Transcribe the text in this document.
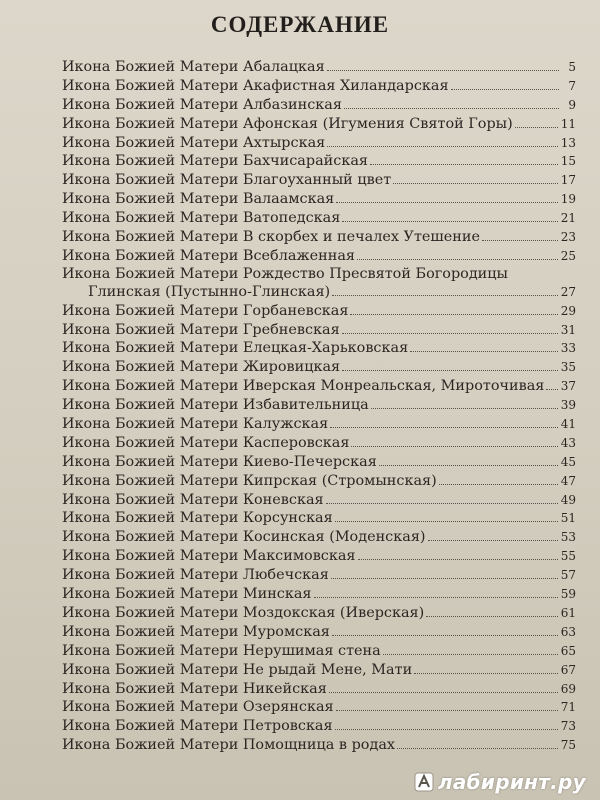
СОДЕРЖАНИЕ
Икона Божией Матери Абалацкая	5
Икона Божией Матери Акафистная Хиландарская	7
Икона Божией Матери Албазинская	9
Икона Божией Матери Афонская (Игумения Святой Горы)	11
Икона Божией Матери Ахтырская	13
Икона Божией Матери Бахчисарайская	15
Икона Божией Матери Благоуханный цвет	17
Икона Божией Матери Валаамская	19
Икона Божией Матери Ватопедская	21
Икона Божией Матери В скорбех и печалех Утешение	23
Икона Божией Матери Всеблаженная	25
Икона Божией Матери Рождество Пресвятой Богородицы
Глинская (Пустынно-Глинская)	27
Икона Божией Матери Горбаневская	29
Икона Божией Матери Гребневская	31
Икона Божией Матери Елецкая-Харьковская	33
Икона Божией Матери Жировицкая	35
Икона Божией Матери Иверская Монреальская, Мироточивая 37
Икона Божией Матери Избавительница	39
Икона Божией Матери Калужская	41
Икона Божией Матери Касперовская	43
Икона Божией Матери Киево-Печерская	45
Икона Божией Матери Кипрская (Стромынская)	47
Икона Божией Матери Коневская	49
Икона Божией Матери Корсунская	51
Икона Божией Матери Косинская (Моденская)	53
Икона Божией Матери Максимовская	55
Икона Божией Матери Любечская	57
Икона Божией Матери Минская	59
Икона Божией Матери Моздокская (Иверская)	61
Икона Божией Матери Муромская	63
Икона Божией Матери Нерушимая стена	65
Икона Божией Матери Не рыдай Мене, Мати	67
Икона Божией Матери Никейская	69
Икона Божией Матери Озерянская	71
Икона Божией Матери Петровская	73
Икона Божией Матери Помощница в родах	75
лабиринт.ру
